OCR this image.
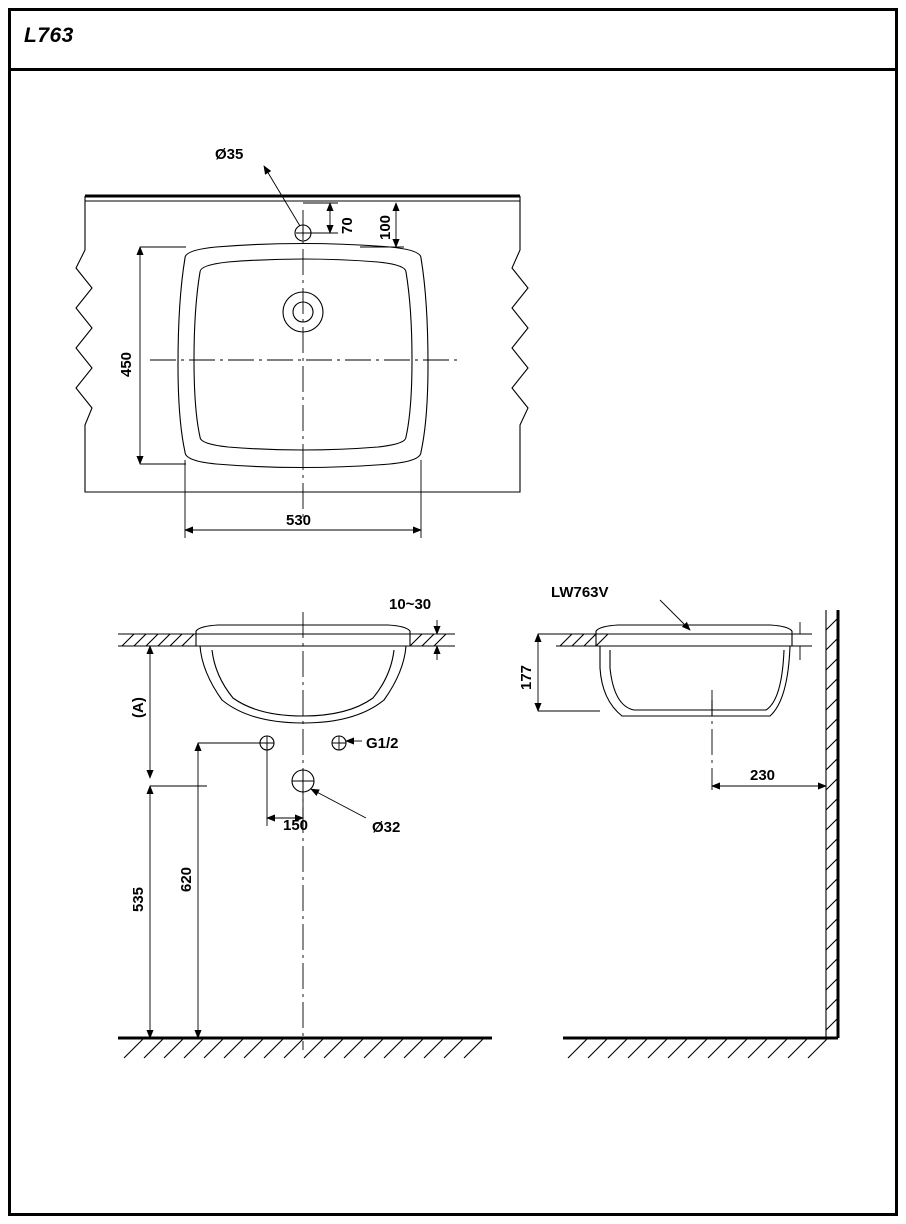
L763
Ø35
70 100
450
530
10~30
(A)
G1/2
Ø32
150
535
620
LW763V
177
230
